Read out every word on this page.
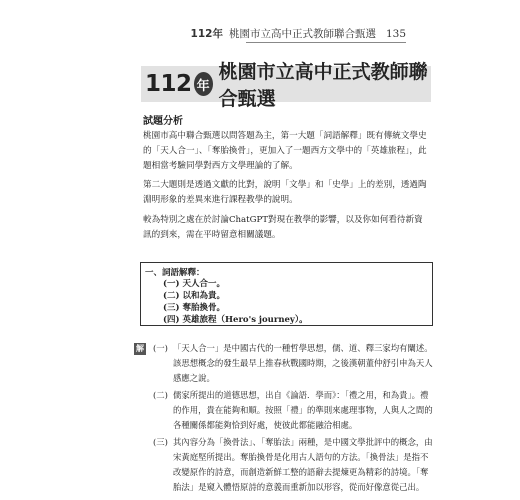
112年 桃園市立高中正式教師聯合甄選 135
112 年
桃園市立高中正式教師聯合甄選
試題分析

桃園市高中聯合甄選以問答題為主，第一大題「詞語解釋」既有傳統文學史的「天人合一」、「奪胎換骨」，更加入了一題西方文學中的「英雄旅程」，此題相當考驗同學對西方文學理論的了解。

第二大題則是透過文獻的比對，說明「文學」和「史學」上的差別，透過陶淵明形象的差異來進行課程教學的說明。

較為特別之處在於討論ChatGPT對現在教學的影響，以及你如何看待新資訊的到來，需在平時留意相關議題。

一、詞語解釋：
(一) 天人合一。
(二) 以和為貴。
(三) 奪胎換骨。
(四) 英雄旅程（Hero's journey）。
解 (一) 「天人合一」是中國古代的一種哲學思想，儒、道、釋三家均有闡述。該思想概念的發生最早上推春秋戰國時期，之後漢朝董仲舒引申為天人感應之說。

(二) 儒家所提出的道德思想，出自《論語．學而》：「禮之用，和為貴」。禮的作用，貴在能夠和順。按照「禮」的準則來處理事物，人與人之間的各種關係都能夠恰到好處，使彼此都能融洽相處。

(三) 其內容分為「換骨法」、「奪胎法」兩種，是中國文學批評中的概念，由宋黃庭堅所提出。奪胎換骨是化用古人語句的方法。「換骨法」是指不改變原作的詩意，而創造新鮮工整的語辭去提煉更為精彩的詩境。「奪胎法」是窺入體悟原詩的意義而重新加以形容，從而好像意從己出。
